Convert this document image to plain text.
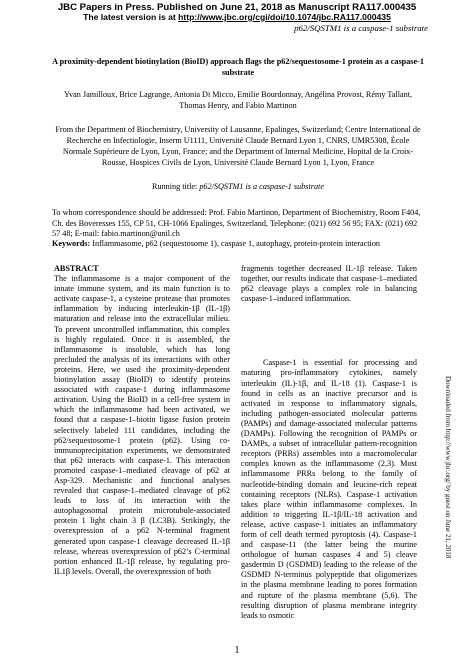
JBC Papers in Press. Published on June 21, 2018 as Manuscript RA117.000435
The latest version is at http://www.jbc.org/cgi/doi/10.1074/jbc.RA117.000435
p62/SQSTM1 is a caspase-1 substrate
A proximity-dependent biotinylation (BioID) approach flags the p62/sequestosome-1 protein as a caspase-1 substrate
Yvan Jamilloux, Brice Lagrange, Antonia Di Micco, Emilie Bourdonnay, Angélina Provost, Rémy Tallant, Thomas Henry, and Fabio Martinon
From the Department of Biochemistry, University of Lausanne, Epalinges, Switzerland; Centre International de Recherche en Infectiologie, Inserm U1111, Université Claude Bernard Lyon 1, CNRS, UMR5308, École Normale Supérieure de Lyon, Lyon, France; and the Department of Internal Medicine, Hopital de la Croix-Rousse, Hospices Civils de Lyon, Université Claude Bernard Lyon 1, Lyon, France
Running title: p62/SQSTM1 is a caspase-1 substrate
To whom correspondence should be addressed: Prof. Fabio Martinon, Department of Biochemistry, Room F404, Ch. des Boveresses 155, CP 51, CH-1066 Epalinges, Switzerland, Telephone: (021) 692 56 95; FAX: (021) 692 57 48; E-mail: fabio.martinon@unil.ch
Keywords: Inflammasome, p62 (sequestosome 1), caspase 1, autophagy, protein-protein interaction
ABSTRACT
The inflammasome is a major component of the innate immune system, and its main function is to activate caspase-1, a cysteine protease that promotes inflammation by inducing interleukin-1β (IL-1β) maturation and release into the extracellular milieu. To prevent uncontrolled inflammation, this complex is highly regulated. Once it is assembled, the inflammasome is insoluble, which has long precluded the analysis of its interactions with other proteins. Here, we used the proximity-dependent biotinylation assay (BioID) to identify proteins associated with caspase-1 during inflammasome activation. Using the BioID in a cell-free system in which the inflammasome had been activated, we found that a caspase-1–biotin ligase fusion protein selectively labeled 111 candidates, including the p62/sequestosome-1 protein (p62). Using co-immunoprecipitation experiments, we demonstrated that p62 interacts with caspase-1. This interaction promoted caspase-1–mediated cleavage of p62 at Asp-329. Mechanistic and functional analyses revealed that caspase-1–mediated cleavage of p62 leads to loss of its interaction with the autophagosomal protein microtubule-associated protein 1 light chain 3 β (LC3B). Strikingly, the overexpression of a p62 N-terminal fragment generated upon caspase-1 cleavage decreased IL-1β release, whereas overexpression of p62’s C-terminal portion enhanced IL-1β release, by regulating pro-IL1β levels. Overall, the overexpression of both
fragments together decreased IL-1β release. Taken together, our results indicate that caspase-1–mediated p62 cleavage plays a complex role in balancing caspase-1–induced inflammation.
Caspase-1 is essential for processing and maturing pro-inflammatory cytokines, namely interleukin (IL)-1β, and IL-18 (1). Caspase-1 is found in cells as an inactive precursor and is activated in response to inflammatory signals, including pathogen-associated molecular patterns (PAMPs) and damage-associated molecular patterns (DAMPs). Following the recognition of PAMPs or DAMPs, a subset of intracellular pattern-recognition receptors (PRRs) assembles into a macromolecular complex known as the inflammasome (2,3). Most inflammasome PRRs belong to the family of nucleotide-binding domain and leucine-rich repeat containing receptors (NLRs). Caspase-1 activation takes place within inflammasome complexes. In addition to triggering IL-1β/IL-18 activation and release, active caspase-1 initiates an inflammatory form of cell death termed pyroptosis (4). Caspase-1 and caspase-11 (the latter being the murine orthologue of human caspases 4 and 5) cleave gasdermin D (GSDMD) leading to the release of the GSDMD N-terminus polypeptide that oligomerizes in the plasma membrane leading to pores formation and rupture of the plasma membrane (5,6). The resulting disruption of plasma membrane integrity leads to osmotic
Downloaded from http://www.jbc.org/ by guest on June 21, 2018
1
